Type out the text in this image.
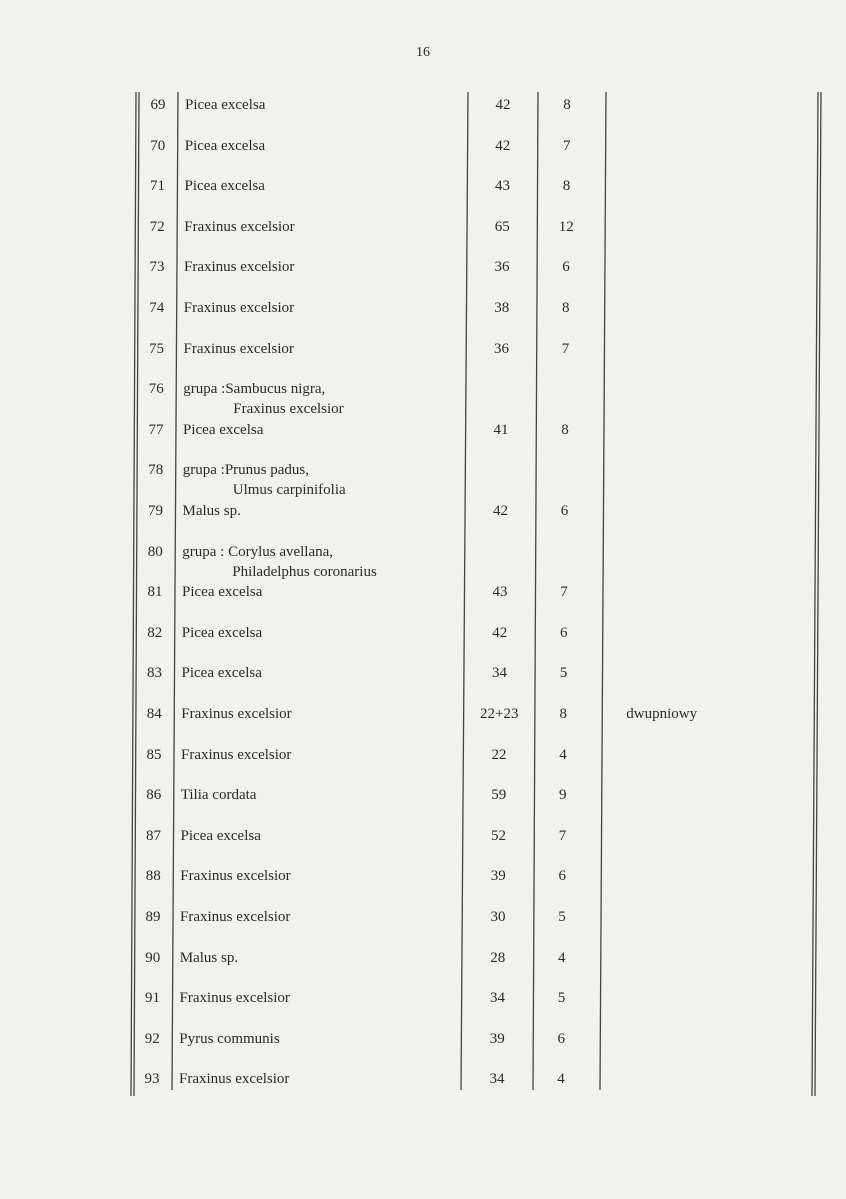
16
69	Picea excelsa	42	8
70	Picea excelsa	42	7
71	Picea excelsa	43	8
72	Fraxinus excelsior	65	12
73	Fraxinus excelsior	36	6
74	Fraxinus excelsior	38	8
75	Fraxinus excelsior	36	7
76	grupa :Sambucus nigra,
Fraxinus excelsior
77	Picea excelsa	41	8
78	grupa :Prunus padus,
Ulmus carpinifolia
79	Malus sp.	42	6
80	grupa : Corylus avellana,
Philadelphus coronarius
81	Picea excelsa	43	7
82	Picea excelsa	42	6
83	Picea excelsa	34	5
84	Fraxinus excelsior	22+23	8	dwupniowy
85	Fraxinus excelsior	22	4
86	Tilia cordata	59	9
87	Picea excelsa	52	7
88	Fraxinus excelsior	39	6
89	Fraxinus excelsior	30	5
90	Malus sp.	28	4
91	Fraxinus excelsior	34	5
92	Pyrus communis	39	6
93	Fraxinus excelsior	34	4
